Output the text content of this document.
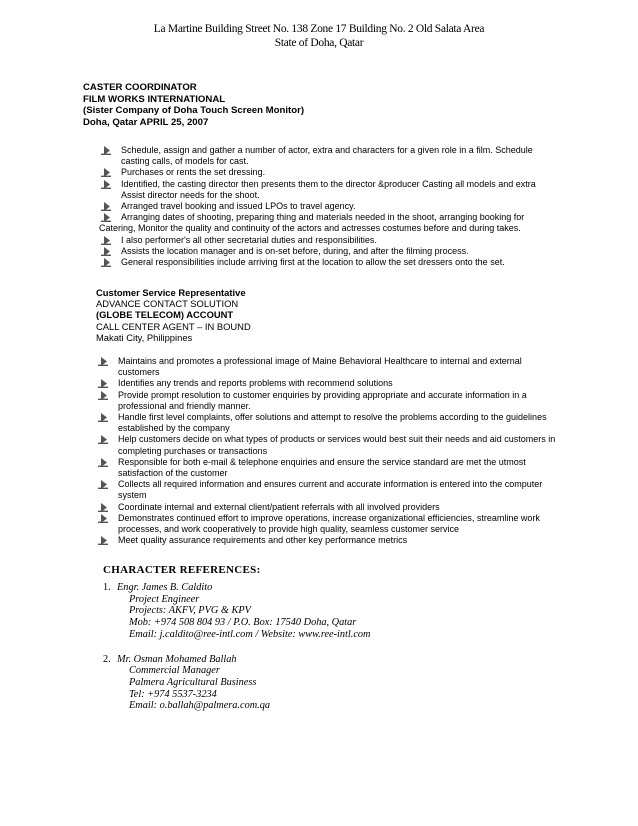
La Martine Building Street No. 138 Zone 17 Building No. 2 Old Salata Area
State of Doha, Qatar
CASTER COORDINATOR
FILM WORKS INTERNATIONAL
(Sister Company of Doha Touch Screen Monitor)
Doha, Qatar APRIL 25, 2007
Schedule, assign and gather a number of actor, extra and characters for a given role in a film. Schedule
casting calls, of models for cast.
Purchases or rents the set dressing.
Identified, the casting director then presents them to the director &producer Casting all models and extra
Assist director needs for the shoot.
Arranged travel booking and issued LPOs to travel agency.
Arranging dates of shooting, preparing thing and materials needed in the shoot, arranging booking for
Catering, Monitor the quality and continuity of the actors and actresses costumes before and during takes.
I also performer's all other secretarial duties and responsibilities.
Assists the location manager and is on-set before, during, and after the filming process.
General responsibilities include arriving first at the location to allow the set dressers onto the set.
Customer Service Representative
ADVANCE CONTACT SOLUTION
(GLOBE TELECOM) ACCOUNT
CALL CENTER AGENT – IN BOUND
Makati City, Philippines
Maintains and promotes a professional image of Maine Behavioral Healthcare to internal and external
customers
Identifies any trends and reports problems with recommend solutions
Provide prompt resolution to customer enquiries by providing appropriate and accurate information in a
professional and friendly manner.
Handle first level complaints, offer solutions and attempt to resolve the problems according to the guidelines
established by the company
Help customers decide on what types of products or services would best suit their needs and aid customers in
completing purchases or transactions
Responsible for both e-mail & telephone enquiries and ensure the service standard are met the utmost
satisfaction of the customer
Collects all required information and ensures current and accurate information is entered into the computer
system
Coordinate internal and external client/patient referrals with all involved providers
Demonstrates continued effort to improve operations, increase organizational efficiencies, streamline work
processes, and work cooperatively to provide high quality, seamless customer service
Meet quality assurance requirements and other key performance metrics
CHARACTER REFERENCES:
1. Engr. James B. Caldito
Project Engineer
Projects: AKFV, PVG & KPV
Mob: +974 508 804 93 / P.O. Box: 17540 Doha, Qatar
Email: j.caldito@ree-intl.com / Website: www.ree-intl.com
2. Mr. Osman Mohamed Ballah
Commercial Manager
Palmera Agricultural Business
Tel: +974 5537-3234
Email: o.ballah@palmera.com.qa
